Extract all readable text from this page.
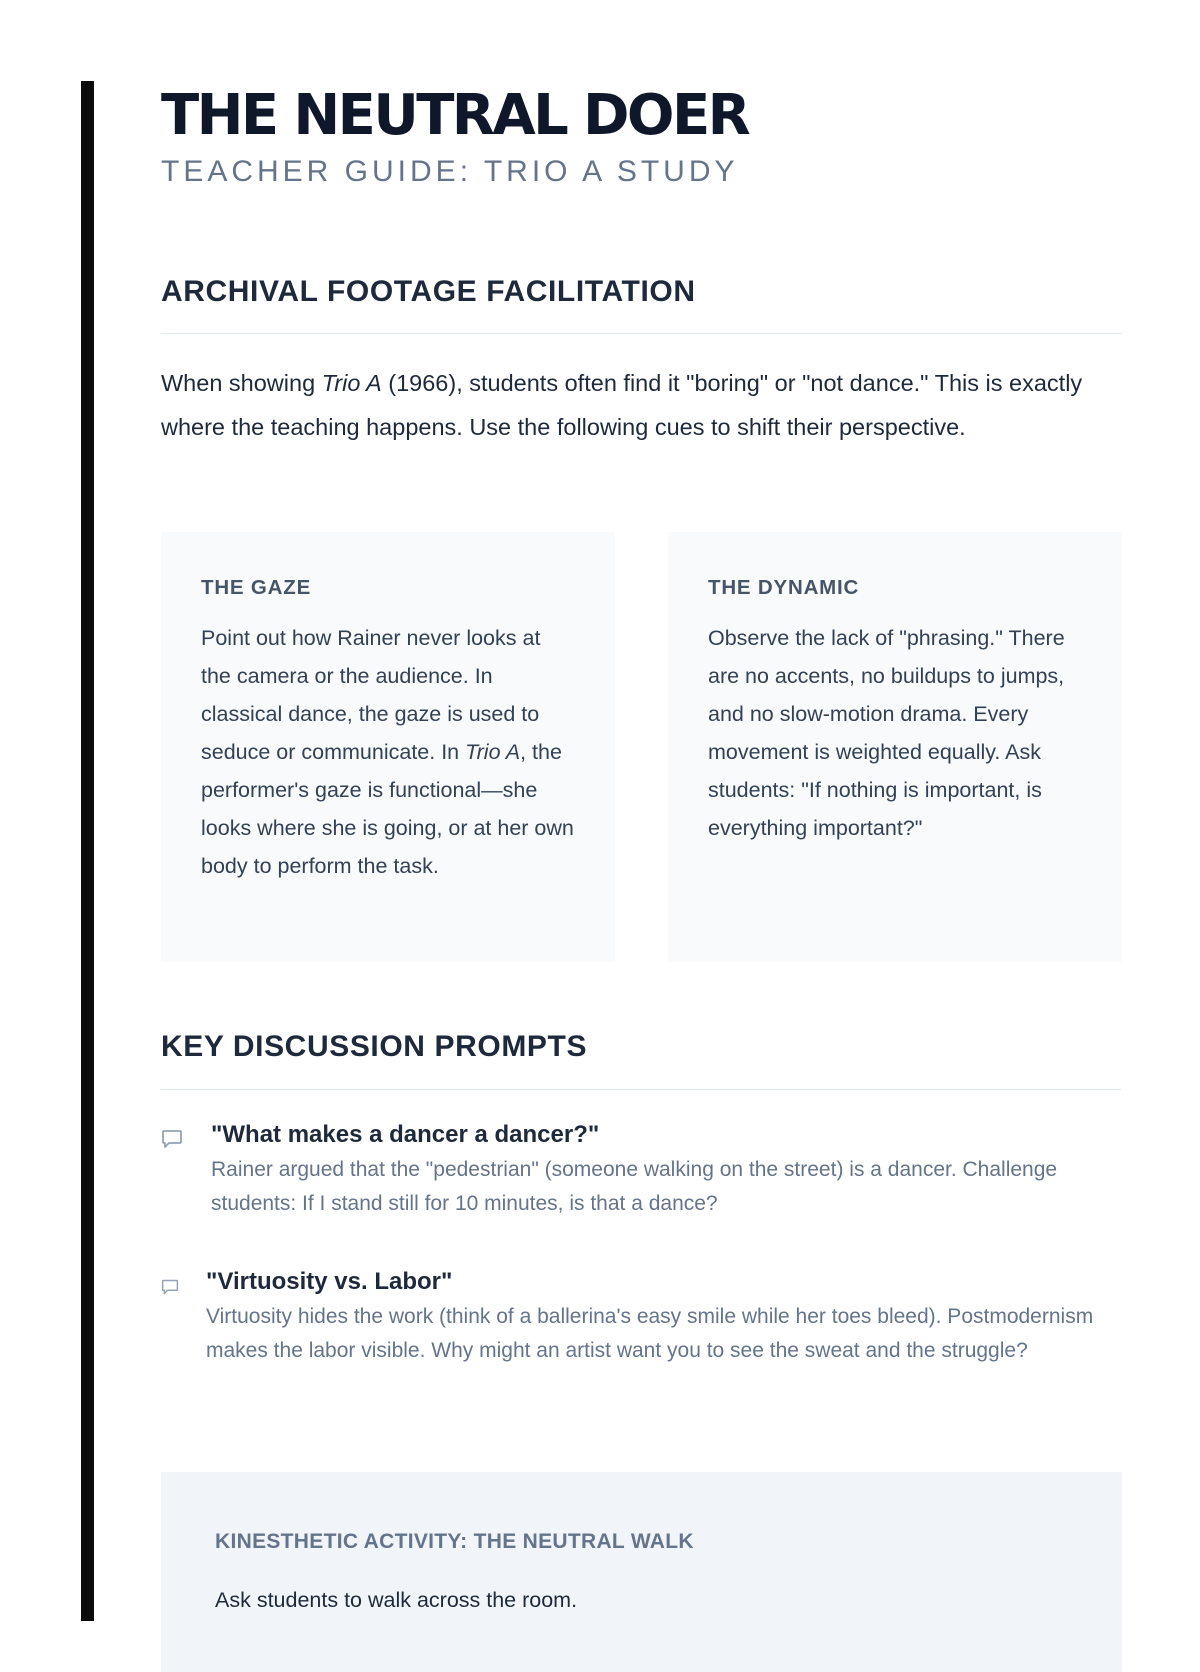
THE NEUTRAL DOER
TEACHER GUIDE: TRIO A STUDY
ARCHIVAL FOOTAGE FACILITATION

When showing Trio A (1966), students often find it "boring" or "not dance." This is exactly where the teaching happens. Use the following cues to shift their perspective.

THE GAZE

Point out how Rainer never looks at the camera or the audience. In classical dance, the gaze is used to seduce or communicate. In Trio A, the performer's gaze is functional—she looks where she is going, or at her own body to perform the task.

THE DYNAMIC

Observe the lack of "phrasing." There are no accents, no buildups to jumps, and no slow-motion drama. Every movement is weighted equally. Ask students: "If nothing is important, is everything important?"

KEY DISCUSSION PROMPTS
"What makes a dancer a dancer?"

Rainer argued that the "pedestrian" (someone walking on the street) is a dancer. Challenge students: If I stand still for 10 minutes, is that a dance?

"Virtuosity vs. Labor"

Virtuosity hides the work (think of a ballerina's easy smile while her toes bleed). Postmodernism makes the labor visible. Why might an artist want you to see the sweat and the struggle?

KINESTHETIC ACTIVITY: THE NEUTRAL WALK

Ask students to walk across the room.
